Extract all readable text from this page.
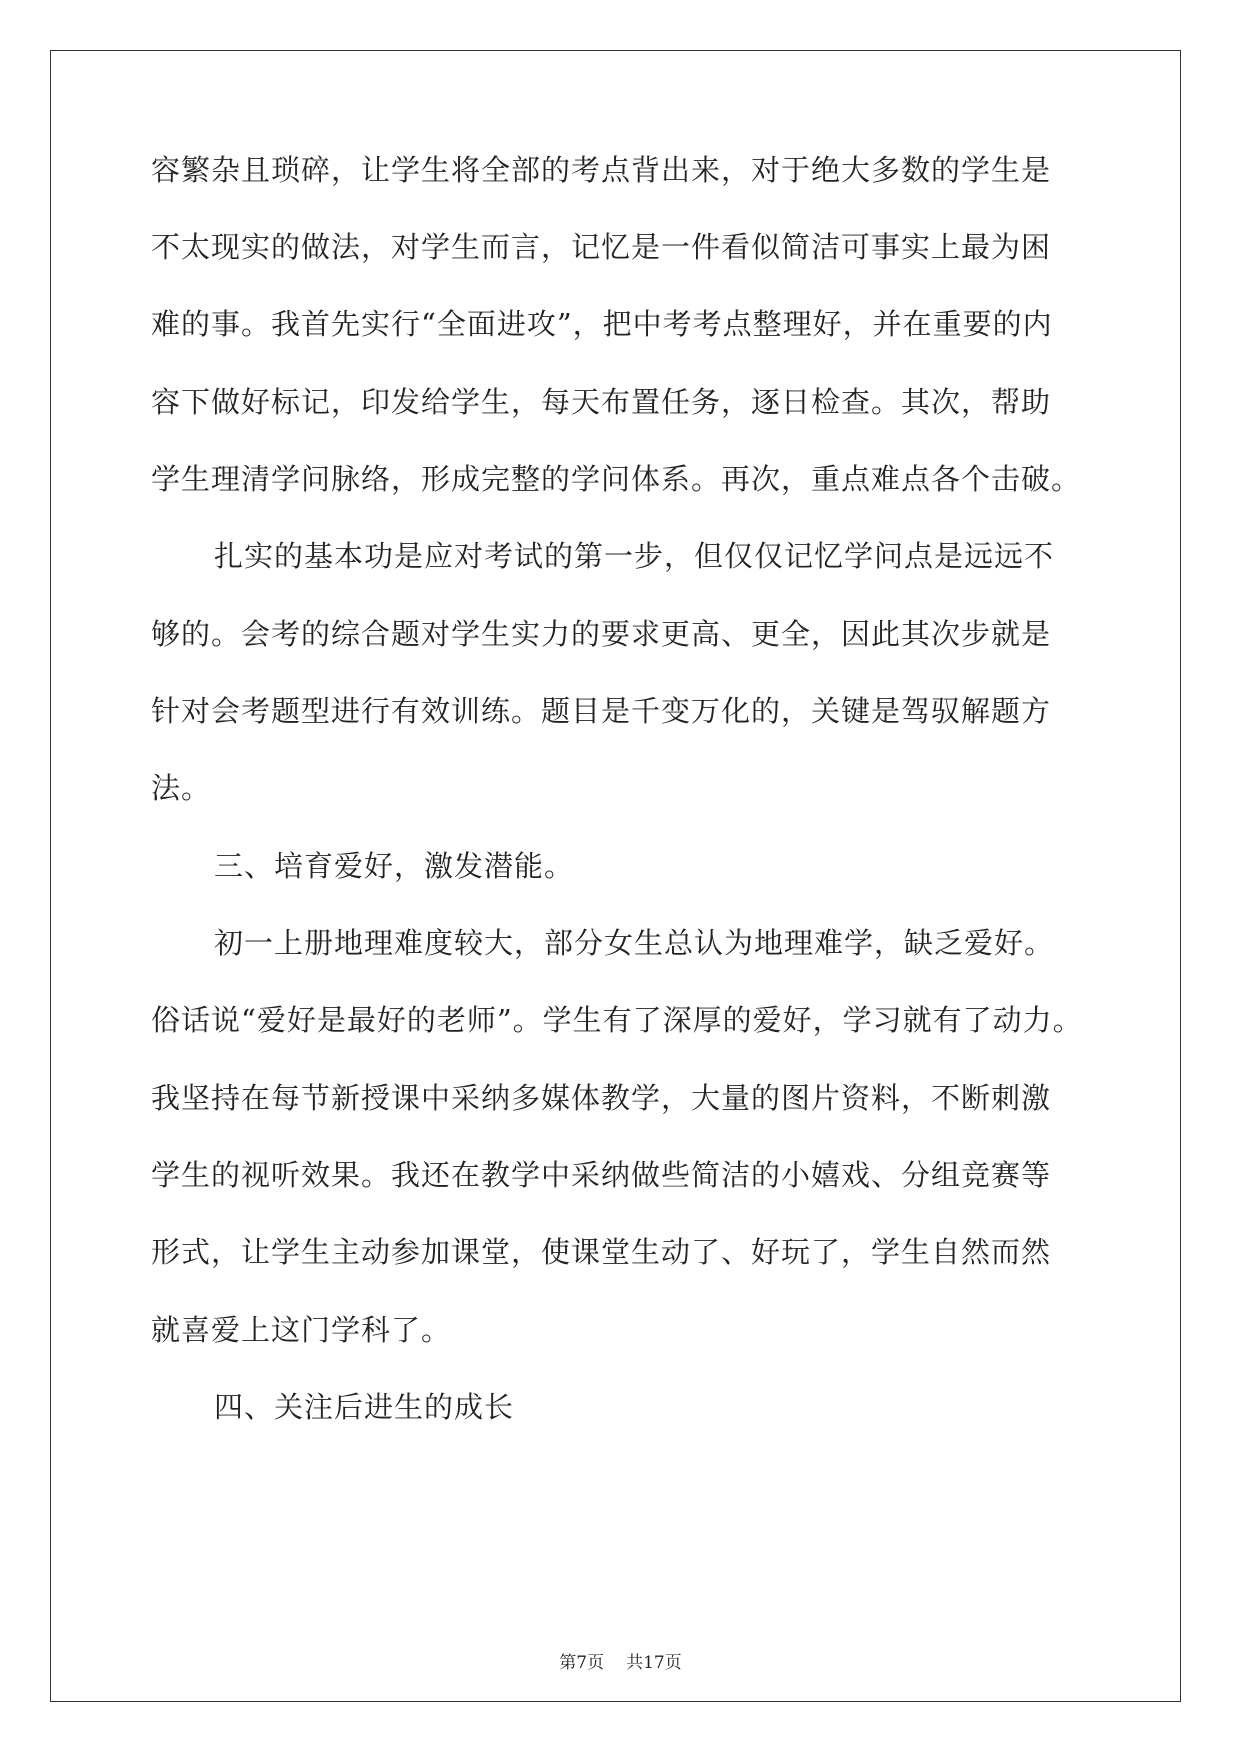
容繁杂且琐碎，让学生将全部的考点背出来，对于绝大多数的学生是
不太现实的做法，对学生而言，记忆是一件看似简洁可事实上最为困
难的事。我首先实行“全面进攻”，把中考考点整理好，并在重要的内
容下做好标记，印发给学生，每天布置任务，逐日检查。其次，帮助
学生理清学问脉络，形成完整的学问体系。再次，重点难点各个击破。
扎实的基本功是应对考试的第一步，但仅仅记忆学问点是远远不
够的。会考的综合题对学生实力的要求更高、更全，因此其次步就是
针对会考题型进行有效训练。题目是千变万化的，关键是驾驭解题方
法。
三、培育爱好，激发潜能。
初一上册地理难度较大，部分女生总认为地理难学，缺乏爱好。
俗话说“爱好是最好的老师”。学生有了深厚的爱好，学习就有了动力。
我坚持在每节新授课中采纳多媒体教学，大量的图片资料，不断刺激
学生的视听效果。我还在教学中采纳做些简洁的小嬉戏、分组竞赛等
形式，让学生主动参加课堂，使课堂生动了、好玩了，学生自然而然
就喜爱上这门学科了。
四、关注后进生的成长
第7页 共17页
